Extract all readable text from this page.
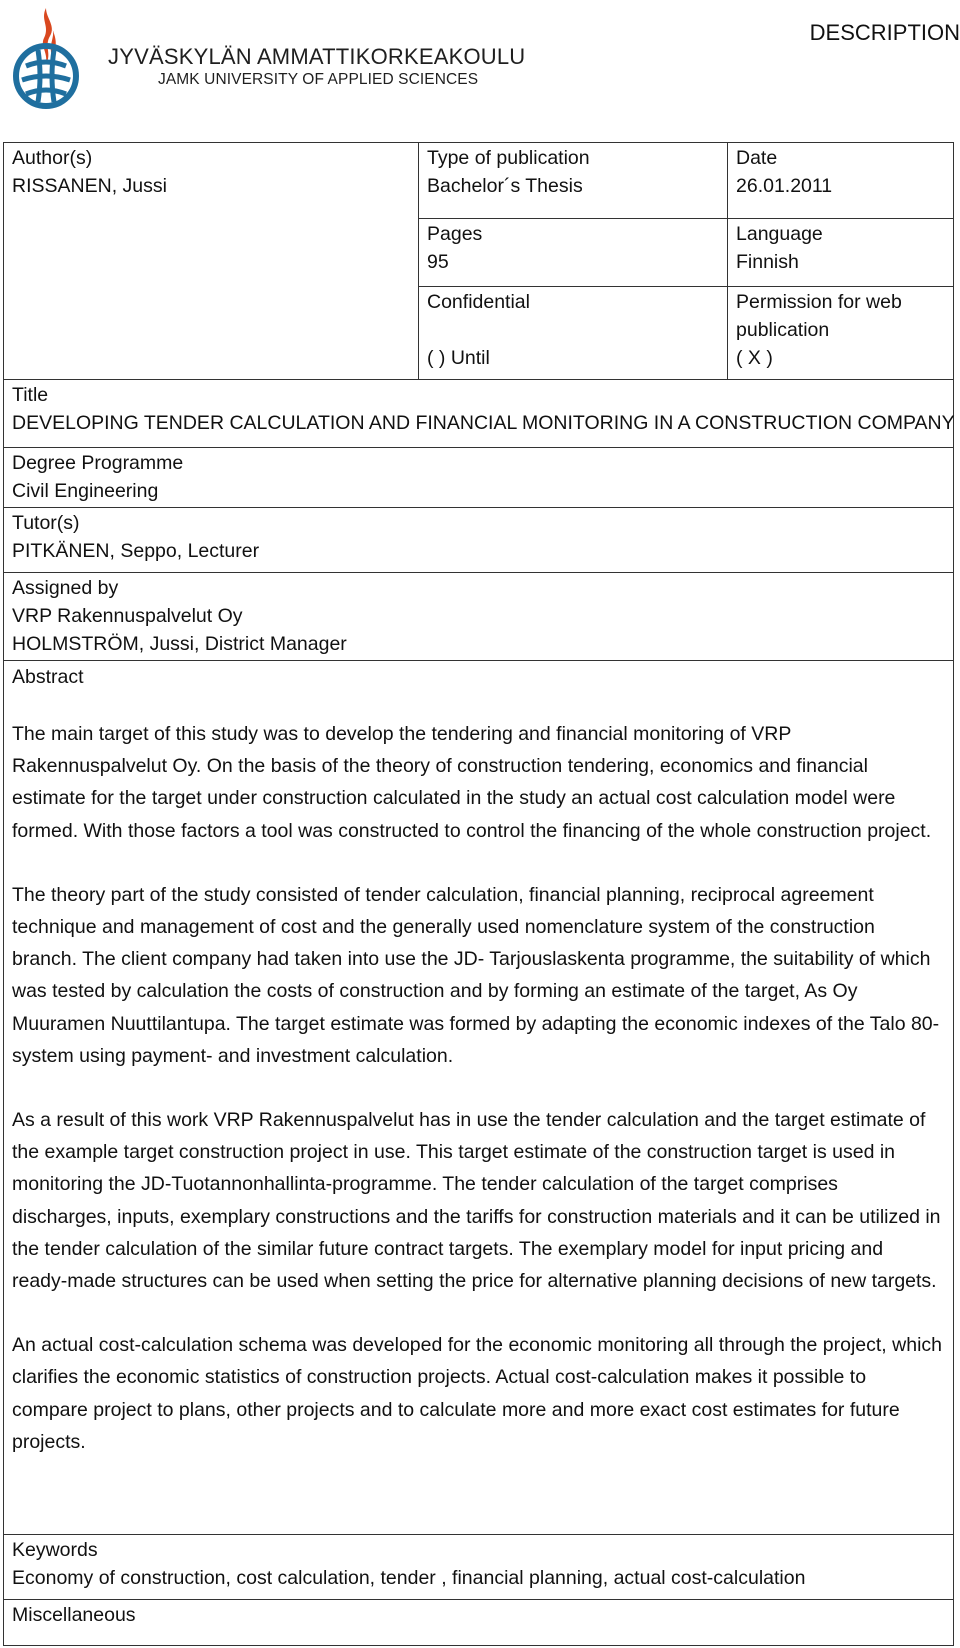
JYVÄSKYLÄN AMMATTIKORKEAKOULU
JAMK UNIVERSITY OF APPLIED SCIENCES
DESCRIPTION
Author(s)
RISSANEN, Jussi
Type of publication
Bachelor´s Thesis
Date
26.01.2011
Pages
95
Language
Finnish
Confidential

( ) Until
Permission for web
publication
( X )
Title
DEVELOPING TENDER CALCULATION AND FINANCIAL MONITORING IN A CONSTRUCTION COMPANY
Degree Programme
Civil Engineering
Tutor(s)
PITKÄNEN, Seppo, Lecturer
Assigned by
VRP Rakennuspalvelut Oy
HOLMSTRÖM, Jussi, District Manager
Abstract

The main target of this study was to develop the tendering and financial monitoring of VRP Rakennuspalvelut Oy. On the basis of the theory of construction tendering, economics and financial estimate for the target under construction calculated in the study an actual cost calculation model were formed. With those factors a tool was constructed to control the financing of the whole construction project.

The theory part of the study consisted of tender calculation, financial planning, reciprocal agreement technique and management of cost and the generally used nomenclature system of the construction branch. The client company had taken into use the JD- Tarjouslaskenta programme, the suitability of which was tested by calculation the costs of construction and by forming an estimate of the target, As Oy Muuramen Nuuttilantupa. The target estimate was formed by adapting the economic indexes of the Talo 80-system using payment- and investment calculation.

As a result of this work VRP Rakennuspalvelut has in use the tender calculation and the target estimate of the example target construction project in use. This target estimate of the construction target is used in monitoring the JD-Tuotannonhallinta-programme. The tender calculation of the target comprises discharges, inputs, exemplary constructions and the tariffs for construction materials and it can be utilized in the tender calculation of the similar future contract targets. The exemplary model for input pricing and ready-made structures can be used when setting the price for alternative planning decisions of new targets.

An actual cost-calculation schema was developed for the economic monitoring all through the project, which clarifies the economic statistics of construction projects. Actual cost-calculation makes it possible to compare project to plans, other projects and to calculate more and more exact cost estimates for future projects.

Keywords
Economy of construction, cost calculation, tender , financial planning, actual cost-calculation
Miscellaneous
